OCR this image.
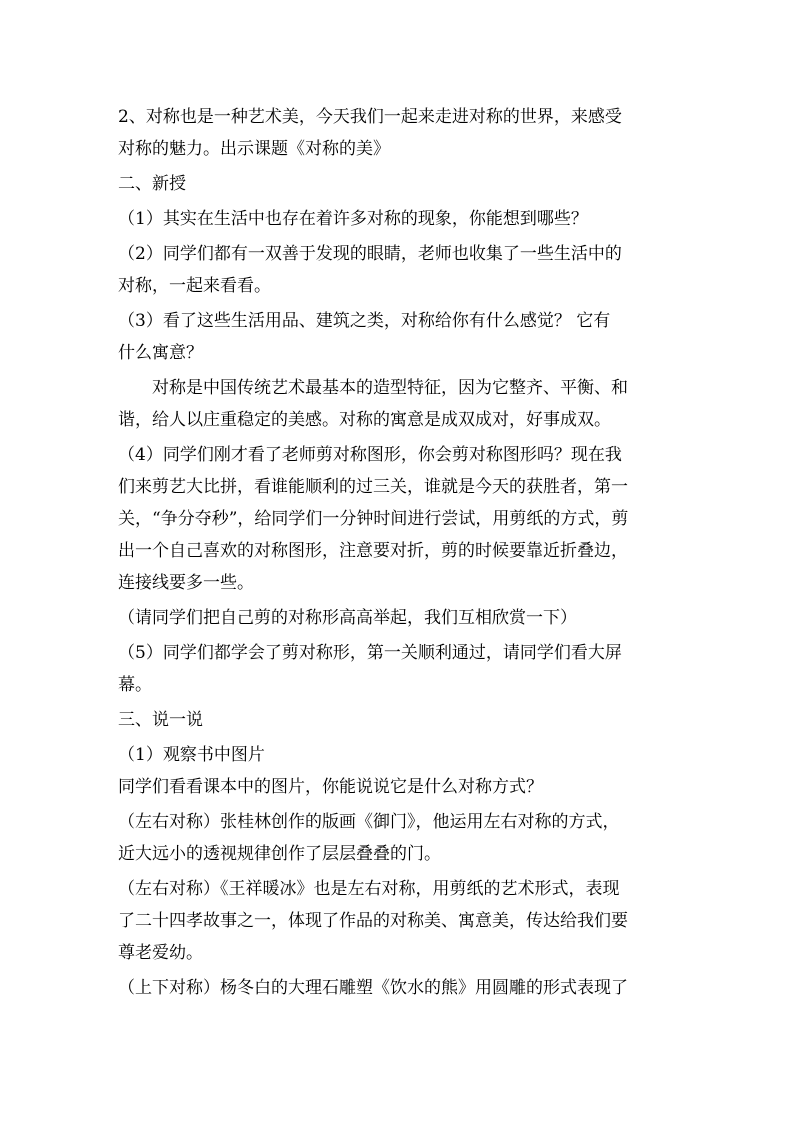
2、对称也是一种艺术美，今天我们一起来走进对称的世界，来感受
对称的魅力。出示课题《对称的美》

二、新授

（1）其实在生活中也存在着许多对称的现象，你能想到哪些？

（2）同学们都有一双善于发现的眼睛，老师也收集了一些生活中的
对称，一起来看看。

（3）看了这些生活用品、建筑之类，对称给你有什么感觉？ 它有
什么寓意？

对称是中国传统艺术最基本的造型特征，因为它整齐、平衡、和
谐，给人以庄重稳定的美感。对称的寓意是成双成对，好事成双。

（4）同学们刚才看了老师剪对称图形，你会剪对称图形吗？现在我
们来剪艺大比拼，看谁能顺利的过三关，谁就是今天的获胜者，第一
关，“争分夺秒”，给同学们一分钟时间进行尝试，用剪纸的方式，剪
出一个自己喜欢的对称图形，注意要对折，剪的时候要靠近折叠边，
连接线要多一些。

（请同学们把自己剪的对称形高高举起，我们互相欣赏一下）

（5）同学们都学会了剪对称形，第一关顺利通过，请同学们看大屏
幕。

三、说一说

（1）观察书中图片

同学们看看课本中的图片，你能说说它是什么对称方式？

（左右对称）张桂林创作的版画《御门》，他运用左右对称的方式，
近大远小的透视规律创作了层层叠叠的门。

（左右对称）《王祥暖冰》也是左右对称，用剪纸的艺术形式，表现
了二十四孝故事之一，体现了作品的对称美、寓意美，传达给我们要
尊老爱幼。

（上下对称）杨冬白的大理石雕塑《饮水的熊》用圆雕的形式表现了
